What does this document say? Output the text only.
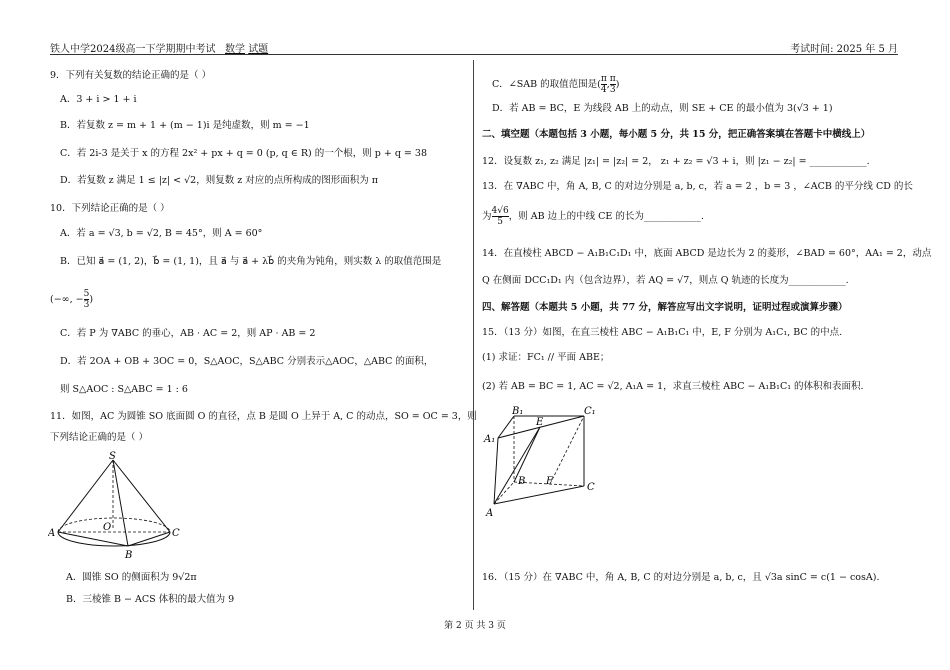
铁人中学2024级高一下学期期中考试 数学 试题	考试时间: 2025 年 5 月
9．下列有关复数的结论正确的是（ ）
A．3 + i > 1 + i
B．若复数 z = m + 1 + (m − 1)i 是纯虚数，则 m = −1
C．若 2i-3 是关于 x 的方程 2x² + px + q = 0 (p, q ∈ R) 的一个根，则 p + q = 38
D．若复数 z 满足 1 ≤ |z| < √2，则复数 z 对应的点所构成的图形面积为 π
10．下列结论正确的是（ ）
A．若 a = √3, b = √2, B = 45°，则 A = 60°
B．已知 a⃗ = (1, 2)，b⃗ = (1, 1)，且 a⃗ 与 a⃗ + λb⃗ 的夹角为钝角，则实数 λ 的取值范围是
(−∞, − $\frac{5}{3}$ )
C．若 P 为 ∇ABC 的垂心，AB · AC = 2，则 AP · AB = 2
D．若 2OA + OB + 3OC = 0，S△AOC，S△ABC 分别表示△AOC，△ABC 的面积，
则 S△AOC : S△ABC = 1 : 6
11．如图，AC 为圆锥 SO 底面圆 O 的直径，点 B 是圆 O 上异于 A, C 的动点，SO = OC = 3，则
下列结论正确的是（ ）
S
O
A
B
C
A．圆锥 SO 的侧面积为 9√2π
B．三棱锥 B − ACS 体积的最大值为 9
C．∠SAB 的取值范围是( $\frac{\pi}{4}$ , $\frac{\pi}{3}$ )
D．若 AB = BC，E 为线段 AB 上的动点，则 SE + CE 的最小值为 3(√3 + 1)
二、填空题（本题包括 3 小题，每小题 5 分，共 15 分，把正确答案填在答题卡中横线上）
12．设复数 z₁, z₂ 满足 |z₁| = |z₂| = 2， z₁ + z₂ = √3 + i，则 |z₁ − z₂| = ____________.
13．在 ∇ABC 中，角 A, B, C 的对边分别是 a, b, c，若 a = 2 ，b = 3 ，∠ACB 的平分线 CD 的长
为 $\frac{4√6}{5}$ ，则 AB 边上的中线 CE 的长为____________.
14．在直棱柱 ABCD − A₁B₁C₁D₁ 中，底面 ABCD 是边长为 2 的菱形，∠BAD = 60°，AA₁ = 2，动点
Q 在侧面 DCC₁D₁ 内（包含边界），若 AQ = √7，则点 Q 轨迹的长度为____________.
四、解答题（本题共 5 小题，共 77 分，解答应写出文字说明，证明过程或演算步骤）
15．（13 分）如图，在直三棱柱 ABC − A₁B₁C₁ 中，E, F 分别为 A₁C₁, BC 的中点.
(1) 求证：FC₁ // 平面 ABE；
(2) 若 AB = BC = 1, AC = √2, A₁A = 1，求直三棱柱 ABC − A₁B₁C₁ 的体积和表面积.
B₁	C₁
A₁
E
B F
C
A
16．（15 分）在 ∇ABC 中，角 A, B, C 的对边分别是 a, b, c，且 √3a sinC = c(1 − cosA).
第 2 页 共 3 页
